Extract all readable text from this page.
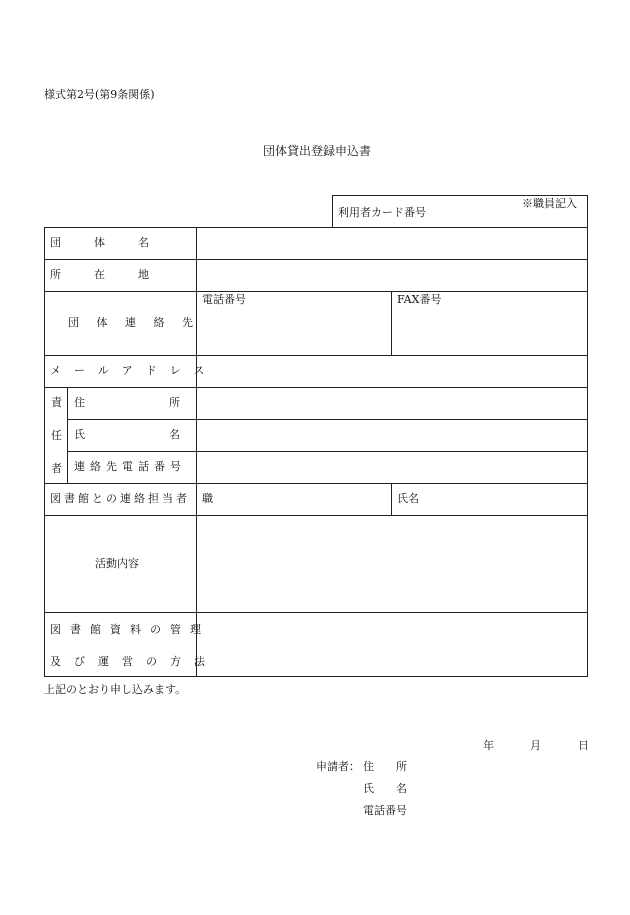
様式第2号(第9条関係)
団体貸出登録申込書
利用者カード番号
※職員記入
団　　　体　　　名
所　　　在　　　地
団 体 連 絡 先
電話番号	FAX番号
メールアドレス
責
任
者
住所
氏名
連絡先電話番号
図書館との連絡担当者 職	氏名
活動内容
図書館資料の管理
及び運営の方法
上記のとおり申し込みます。
年	月	日
申請者： 住　　所
氏　　名
電話番号
